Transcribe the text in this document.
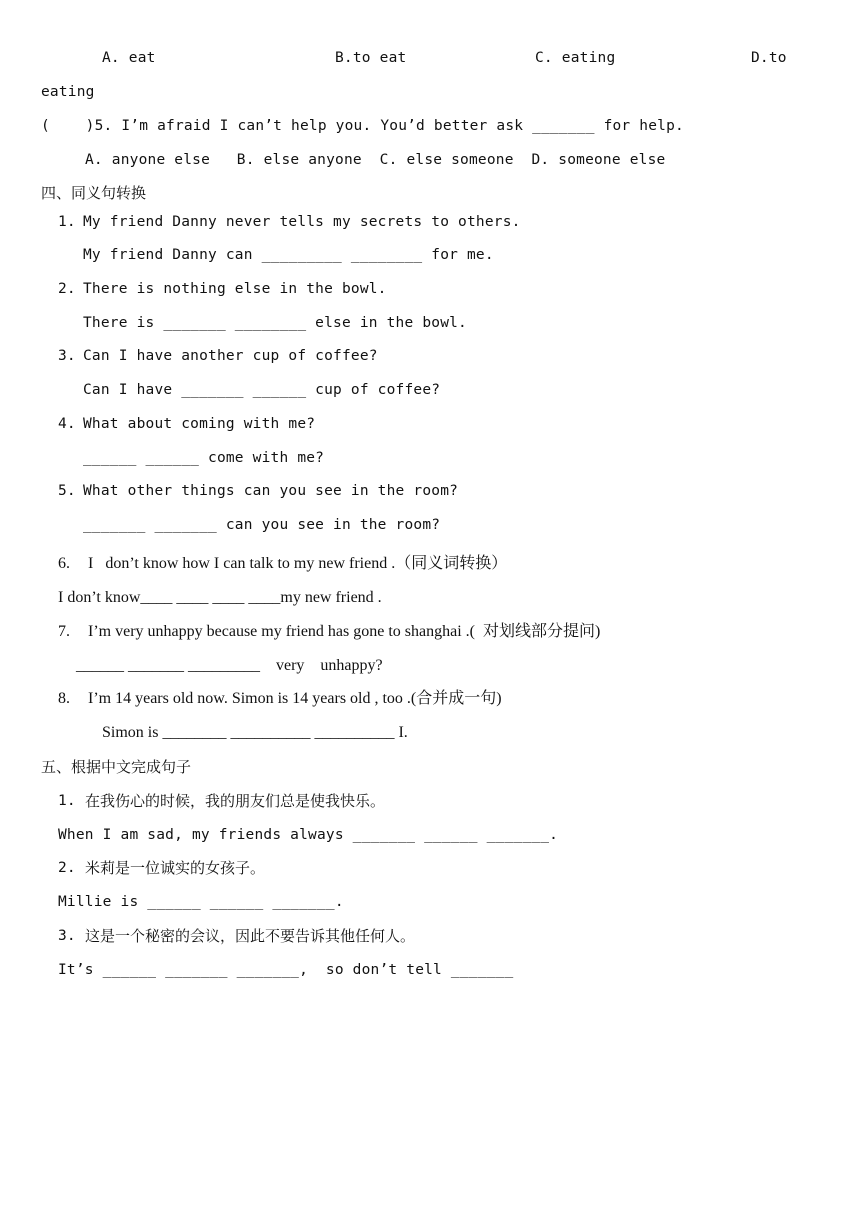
A. eat	B.to eat	C. eating	D.to
eating
(    )5. I’m afraid I can’t help you. You’d better ask _______ for help.
A. anyone else   B. else anyone  C. else someone  D. someone else
四、同义句转换
1. My friend Danny never tells my secrets to others.
My friend Danny can _________ ________ for me.
2. There is nothing else in the bowl.
There is _______ ________ else in the bowl.
3. Can I have another cup of coffee?
Can I have _______ ______ cup of coffee?
4. What about coming with me?
______ ______ come with me?
5. What other things can you see in the room?
_______ _______ can you see in the room?
6. I   don’t know how I can talk to my new friend .（同义词转换）
I don’t know____ ____ ____ ____my new friend .
7. I’m very unhappy because my friend has gone to shanghai .(  对划线部分提问)
______ _______ _________    very    unhappy?
8. I’m 14 years old now. Simon is 14 years old , too .(合并成一句)
Simon is ________ __________ __________ I.
五、根据中文完成句子
1. 在我伤心的时候，我的朋友们总是使我快乐。
When I am sad, my friends always _______ ______ _______.
2. 米莉是一位诚实的女孩子。
Millie is ______ ______ _______.
3. 这是一个秘密的会议，因此不要告诉其他任何人。
It’s ______ _______ _______,  so don’t tell _______
